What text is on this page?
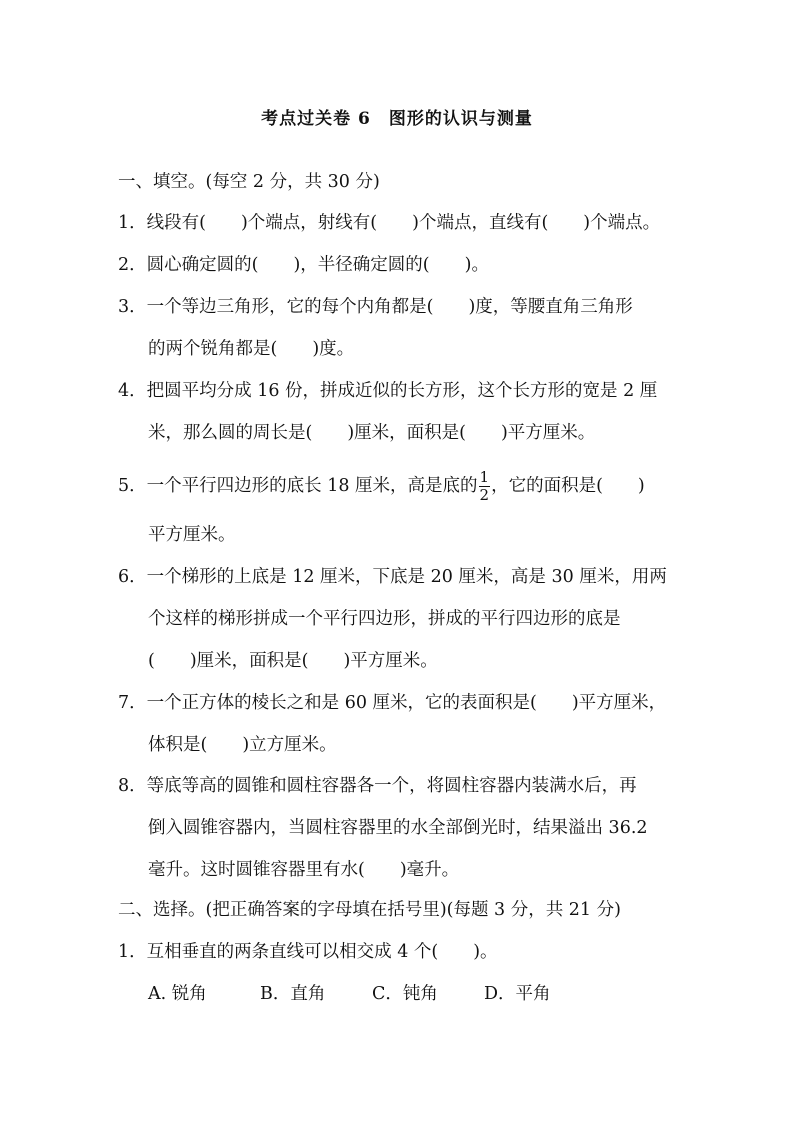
考点过关卷 6　图形的认识与测量
一、填空。(每空 2 分，共 30 分)
1．线段有(　　)个端点，射线有(　　)个端点，直线有(　　)个端点。
2．圆心确定圆的(　　)，半径确定圆的(　　)。
3．一个等边三角形，它的每个内角都是(　　)度，等腰直角三角形
的两个锐角都是(　　)度。
4．把圆平均分成 16 份，拼成近似的长方形，这个长方形的宽是 2 厘
米，那么圆的周长是(　　)厘米，面积是(　　)平方厘米。
5．一个平行四边形的底长 18 厘米，高是底的 $\frac{1}{2}$ ，它的面积是(　　)
平方厘米。
6．一个梯形的上底是 12 厘米，下底是 20 厘米，高是 30 厘米，用两
个这样的梯形拼成一个平行四边形，拼成的平行四边形的底是
(　　)厘米，面积是(　　)平方厘米。
7．一个正方体的棱长之和是 60 厘米，它的表面积是(　　)平方厘米，
体积是(　　)立方厘米。
8．等底等高的圆锥和圆柱容器各一个，将圆柱容器内装满水后，再
倒入圆锥容器内，当圆柱容器里的水全部倒光时，结果溢出 36.2
毫升。这时圆锥容器里有水(　　)毫升。
二、选择。(把正确答案的字母填在括号里)(每题 3 分，共 21 分)
1．互相垂直的两条直线可以相交成 4 个(　　)。
A. 锐角	B．直角	C．钝角	D．平角
